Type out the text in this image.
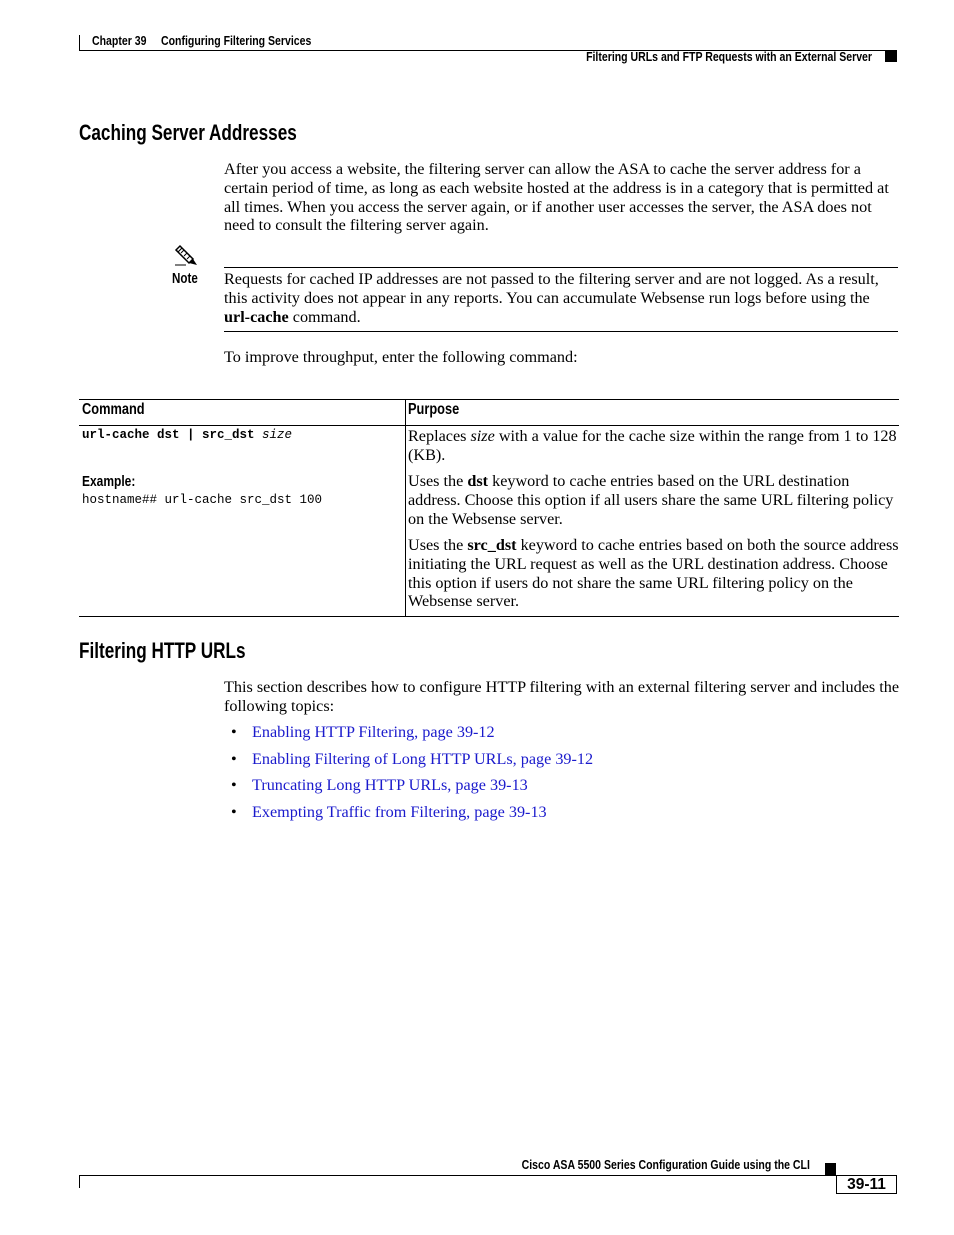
Chapter 39 Configuring Filtering Services
Filtering URLs and FTP Requests with an External Server
Caching Server Addresses
After you access a website, the filtering server can allow the ASA to cache the server address for a
certain period of time, as long as each website hosted at the address is in a category that is permitted at
all times. When you access the server again, or if another user accesses the server, the ASA does not
need to consult the filtering server again.
Note Requests for cached IP addresses are not passed to the filtering server and are not logged. As a result,
this activity does not appear in any reports. You can accumulate Websense run logs before using the
url-cache command.
To improve throughput, enter the following command:
Command	Purpose
url-cache dst | src_dst size
Example:
hostname## url-cache src_dst 100
Replaces size with a value for the cache size within the range from 1 to 128
(KB).
Uses the dst keyword to cache entries based on the URL destination
address. Choose this option if all users share the same URL filtering policy
on the Websense server.
Uses the src_dst keyword to cache entries based on both the source address
initiating the URL request as well as the URL destination address. Choose
this option if users do not share the same URL filtering policy on the
Websense server.
Filtering HTTP URLs
This section describes how to configure HTTP filtering with an external filtering server and includes the
following topics:
•
Enabling HTTP Filtering, page 39-12
•
Enabling Filtering of Long HTTP URLs, page 39-12
•
Truncating Long HTTP URLs, page 39-13
•
Exempting Traffic from Filtering, page 39-13
Cisco ASA 5500 Series Configuration Guide using the CLI
39-11
